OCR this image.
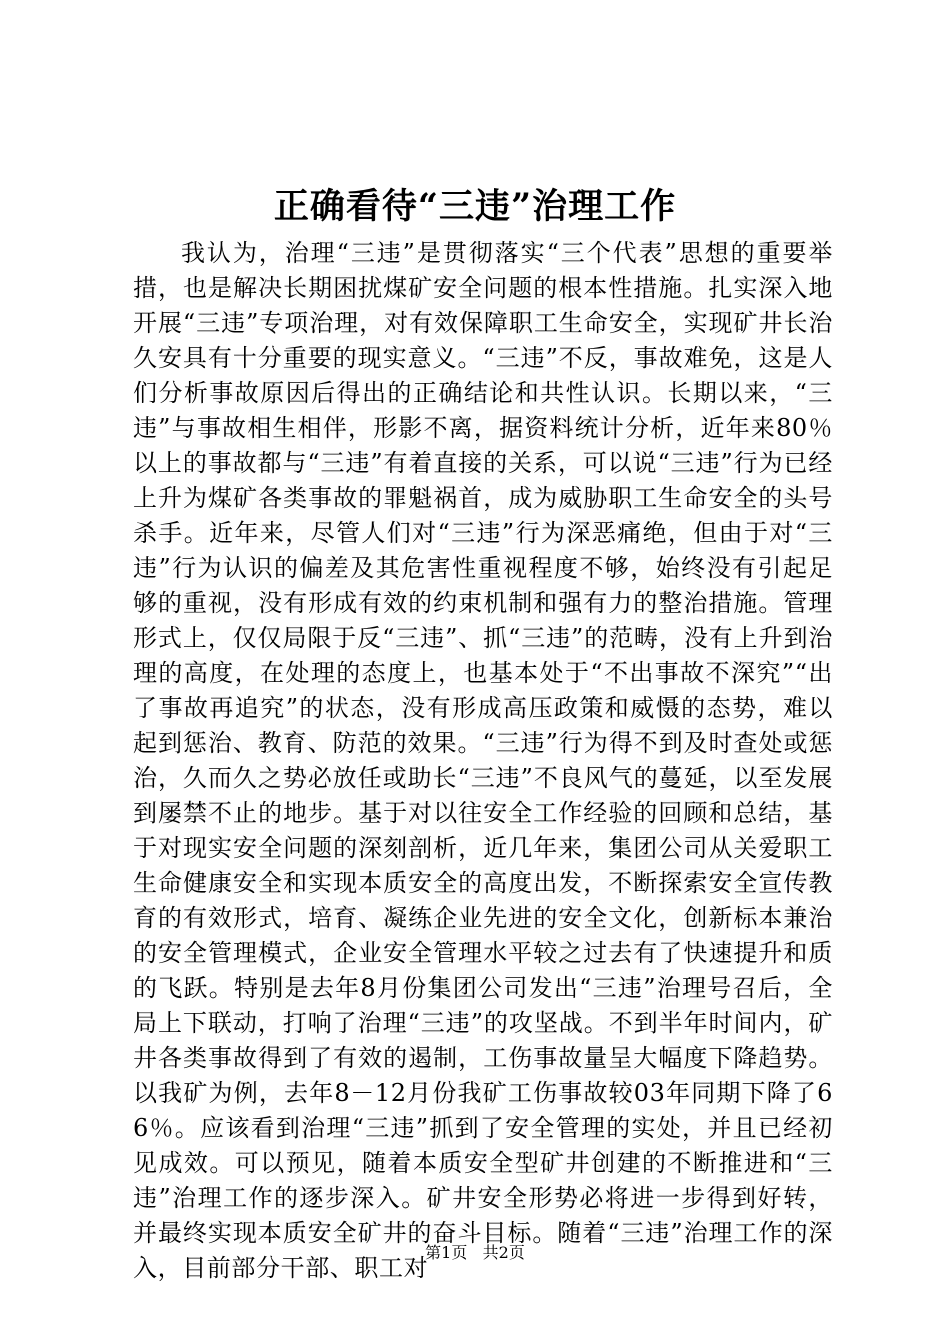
正确看待“三违”治理工作

我认为，治理“三违”是贯彻落实“三个代表”思想的重要举措，也是解决长期困扰煤矿安全问题的根本性措施。扎实深入地开展“三违”专项治理，对有效保障职工生命安全，实现矿井长治久安具有十分重要的现实意义。“三违”不反，事故难免，这是人们分析事故原因后得出的正确结论和共性认识。长期以来，“三违”与事故相生相伴，形影不离，据资料统计分析，近年来80％以上的事故都与“三违”有着直接的关系，可以说“三违”行为已经上升为煤矿各类事故的罪魁祸首，成为威胁职工生命安全的头号杀手。近年来，尽管人们对“三违”行为深恶痛绝，但由于对“三违”行为认识的偏差及其危害性重视程度不够，始终没有引起足够的重视，没有形成有效的约束机制和强有力的整治措施。管理形式上，仅仅局限于反“三违”、抓“三违”的范畴，没有上升到治理的高度，在处理的态度上，也基本处于“不出事故不深究”“出了事故再追究”的状态，没有形成高压政策和威慑的态势，难以起到惩治、教育、防范的效果。“三违”行为得不到及时查处或惩治，久而久之势必放任或助长“三违”不良风气的蔓延，以至发展到屡禁不止的地步。基于对以往安全工作经验的回顾和总结，基于对现实安全问题的深刻剖析，近几年来，集团公司从关爱职工生命健康安全和实现本质安全的高度出发，不断探索安全宣传教育的有效形式，培育、凝练企业先进的安全文化，创新标本兼治的安全管理模式，企业安全管理水平较之过去有了快速提升和质的飞跃。特别是去年8月份集团公司发出“三违”治理号召后，全局上下联动，打响了治理“三违”的攻坚战。不到半年时间内，矿井各类事故得到了有效的遏制，工伤事故量呈大幅度下降趋势。以我矿为例，去年8－12月份我矿工伤事故较03年同期下降了66％。应该看到治理“三违”抓到了安全管理的实处，并且已经初见成效。可以预见，随着本质安全型矿井创建的不断推进和“三违”治理工作的逐步深入。矿井安全形势必将进一步得到好转，并最终实现本质安全矿井的奋斗目标。随着“三违”治理工作的深入，目前部分干部、职工对

第1页 共2页
